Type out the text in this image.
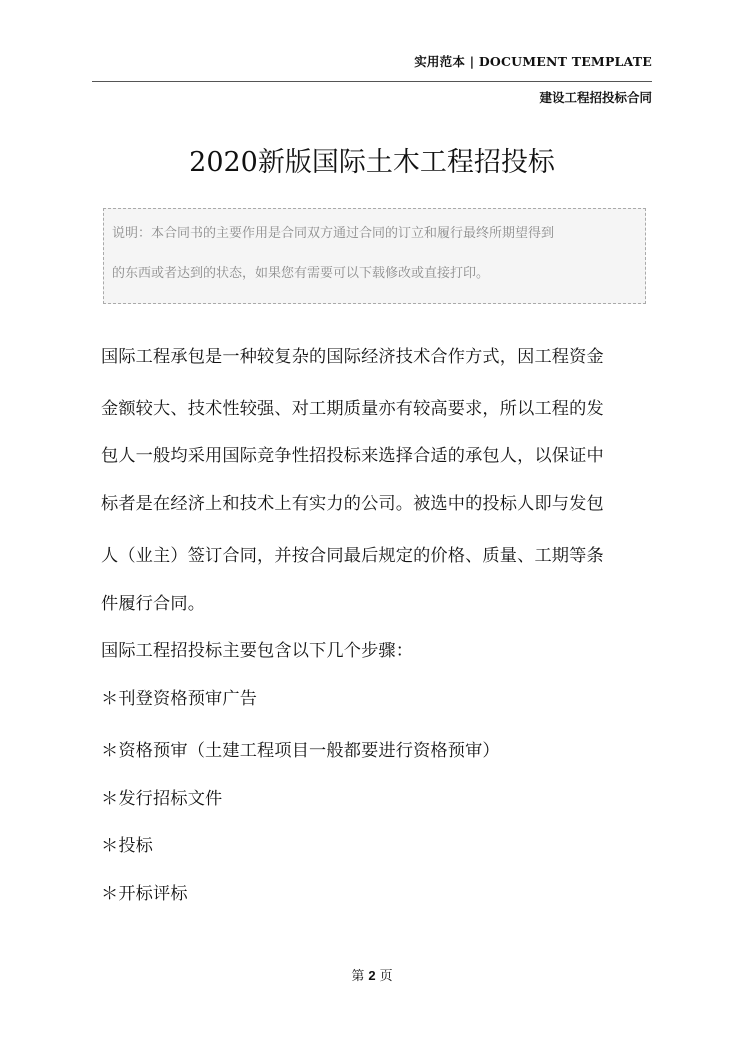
实用范本 | DOCUMENT TEMPLATE
建设工程招投标合同
2020新版国际土木工程招投标
说明：本合同书的主要作用是合同双方通过合同的订立和履行最终所期望得到
的东西或者达到的状态，如果您有需要可以下载修改或直接打印。
国际工程承包是一种较复杂的国际经济技术合作方式，因工程资金
金额较大、技术性较强、对工期质量亦有较高要求，所以工程的发
包人一般均采用国际竞争性招投标来选择合适的承包人，以保证中
标者是在经济上和技术上有实力的公司。被选中的投标人即与发包
人（业主）签订合同，并按合同最后规定的价格、质量、工期等条
件履行合同。
国际工程招投标主要包含以下几个步骤：
＊刊登资格预审广告
＊资格预审（土建工程项目一般都要进行资格预审）
＊发行招标文件
＊投标
＊开标评标
第 2 页
